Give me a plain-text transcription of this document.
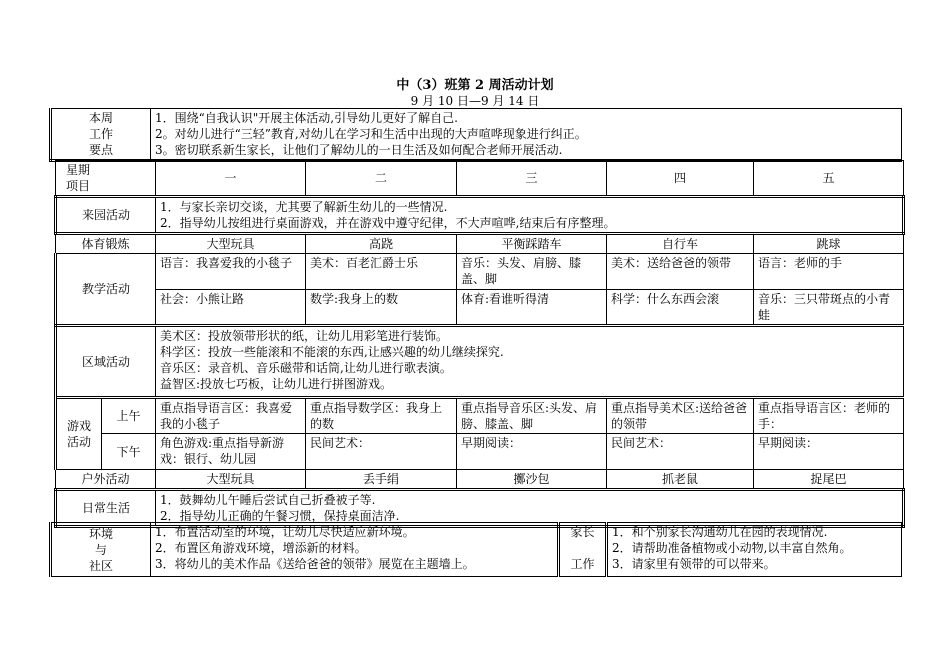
中（3）班第 2 周活动计划
9 月 10 日—9 月 14 日
本周
工作
要点

1．围绕“自我认识"开展主体活动,引导幼儿更好了解自己.
2。对幼儿进行“三轻”教育,对幼儿在学习和生活中出现的大声喧哗现象进行纠正。
3。密切联系新生家长，让他们了解幼儿的一日生活及如何配合老师开展活动.
星期
项目		一	二	三	四	五
来园活动		1．与家长亲切交谈，尤其要了解新生幼儿的一些情况.
2．指导幼儿按组进行桌面游戏，并在游戏中遵守纪律，不大声喧哗,结束后有序整理。				

体育锻炼		大型玩具	高跷	平衡踩踏车	自行车	跳球
教学活动		语言：我喜爱我的小毯子	美术：百老汇爵士乐	音乐：头发、肩膀、膝盖、脚	美术：送给爸爸的领带	语言：老师的手
		社会：小熊让路	数学:我身上的数	体育:看谁听得清	科学：什么东西会滚	音乐：三只带斑点的小青蛙
区域活动		美术区：投放领带形状的纸，让幼儿用彩笔进行装饰。
科学区：投放一些能滚和不能滚的东西,让感兴趣的幼儿继续探究.
音乐区：录音机、音乐磁带和话筒,让幼儿进行歌表演。
益智区:投放七巧板，让幼儿进行拼图游戏。				

游戏
活动	上午	重点指导语言区：我喜爱我的小毯子	重点指导数学区：我身上的数	重点指导音乐区:头发、肩膀、膝盖、脚	重点指导美术区:送给爸爸的领带	重点指导语言区：老师的手：
	下午	角色游戏:重点指导新游戏：银行、幼儿园	民间艺术：	早期阅读：	民间艺术：	早期阅读：
户外活动		大型玩具	丢手绢	擲沙包	抓老鼠	捉尾巴
日常生活		1．鼓舞幼儿午睡后尝试自己折叠被子等.
2．指导幼儿正确的午餐习惯，保持桌面洁净.				
环境
与
社区

1．布置活动室的环境，让幼儿尽快适应新环境。
2．布置区角游戏环境，增添新的材料。
3．将幼儿的美术作品《送给爸爸的领带》展览在主题墙上。

家长

工作

1．和个别家长沟通幼儿在园的表现情况.
2．请帮助准备植物或小动物,以丰富自然角。
3．请家里有领带的可以带来。
